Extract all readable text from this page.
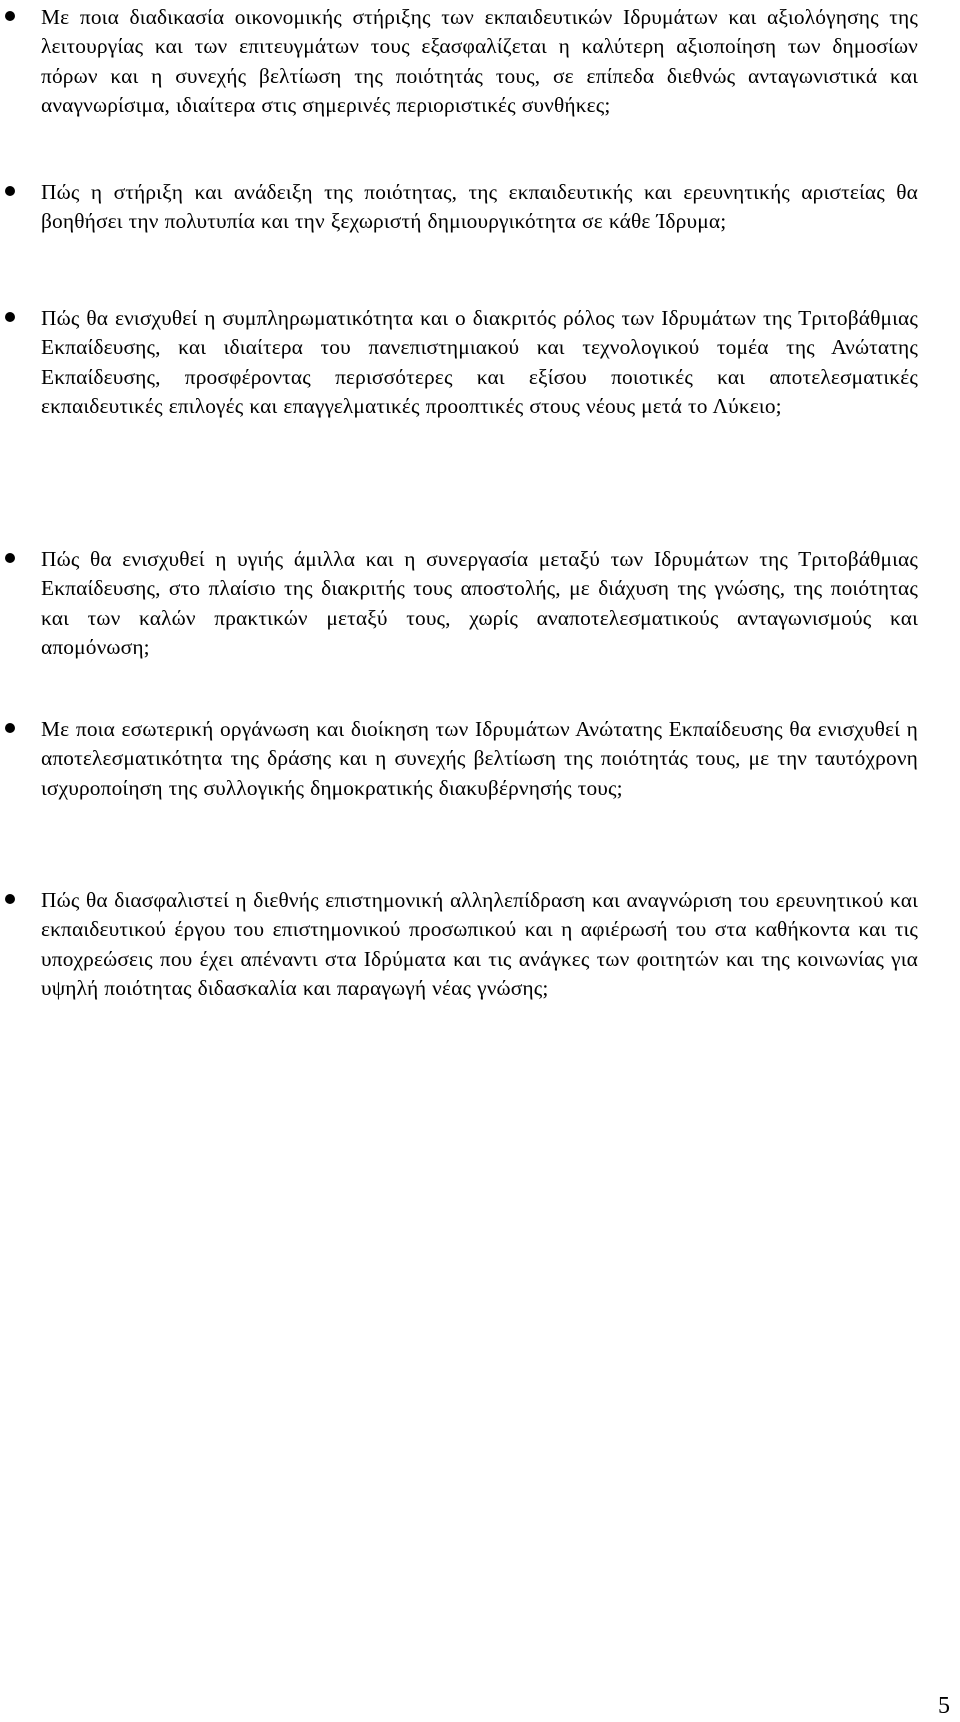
Με ποια διαδικασία οικονομικής στήριξης των εκπαιδευτικών Ιδρυμάτων και αξιολόγησης της λειτουργίας και των επιτευγμάτων τους εξασφαλίζεται η καλύτερη αξιοποίηση των δημοσίων πόρων και η συνεχής βελτίωση της ποιότητάς τους, σε επίπεδα διεθνώς ανταγωνιστικά και αναγνωρίσιμα, ιδιαίτερα στις σημερινές περιοριστικές συνθήκες;
Πώς η στήριξη και ανάδειξη της ποιότητας, της εκπαιδευτικής και ερευνητικής αριστείας θα βοηθήσει την πολυτυπία και την ξεχωριστή δημιουργικότητα σε κάθε Ίδρυμα;
Πώς θα ενισχυθεί η συμπληρωματικότητα και ο διακριτός ρόλος των Ιδρυμάτων της Τριτοβάθμιας Εκπαίδευσης, και ιδιαίτερα του πανεπιστημιακού και τεχνολογικού τομέα της Ανώτατης Εκπαίδευσης, προσφέροντας περισσότερες και εξίσου ποιοτικές και αποτελεσματικές εκπαιδευτικές επιλογές και επαγγελματικές προοπτικές στους νέους μετά το Λύκειο;
Πώς θα ενισχυθεί η υγιής άμιλλα και η συνεργασία μεταξύ των Ιδρυμάτων της Τριτοβάθμιας Εκπαίδευσης, στο πλαίσιο της διακριτής τους αποστολής, με διάχυση της γνώσης, της ποιότητας και των καλών πρακτικών μεταξύ τους, χωρίς αναποτελεσματικούς ανταγωνισμούς και απομόνωση;
Με ποια εσωτερική οργάνωση και διοίκηση των Ιδρυμάτων Ανώτατης Εκπαίδευσης θα ενισχυθεί η αποτελεσματικότητα της δράσης και η συνεχής βελτίωση της ποιότητάς τους, με την ταυτόχρονη ισχυροποίηση της συλλογικής δημοκρατικής διακυβέρνησής τους;
Πώς θα διασφαλιστεί η διεθνής επιστημονική αλληλεπίδραση και αναγνώριση του ερευνητικού και εκπαιδευτικού έργου του επιστημονικού προσωπικού και η αφιέρωσή του στα καθήκοντα και τις υποχρεώσεις που έχει απέναντι στα Ιδρύματα και τις ανάγκες των φοιτητών και της κοινωνίας για υψηλή ποιότητας διδασκαλία και παραγωγή νέας γνώσης;
5
